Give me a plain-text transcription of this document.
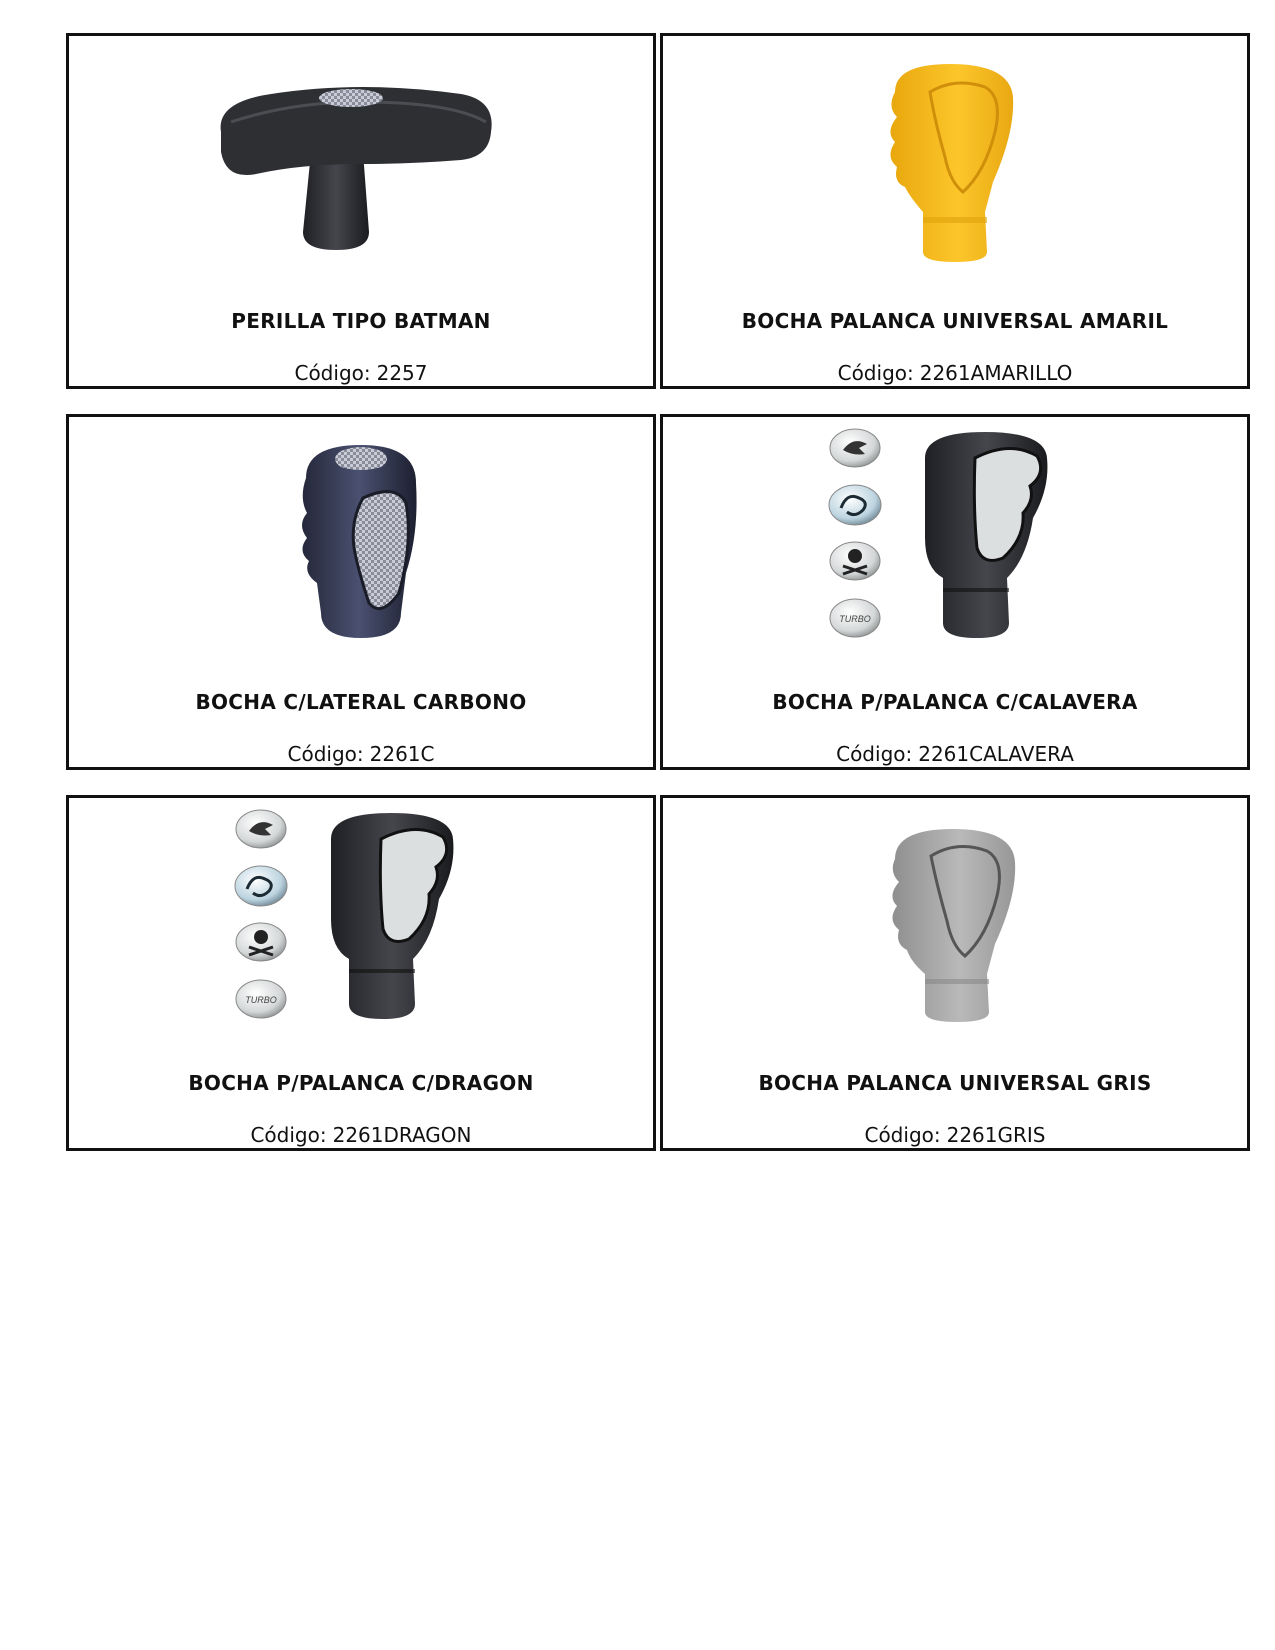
PERILLA TIPO BATMAN
Código: 2257
BOCHA PALANCA UNIVERSAL AMARIL
Código: 2261AMARILLO
BOCHA C/LATERAL CARBONO
Código: 2261C
TURBO
BOCHA P/PALANCA C/CALAVERA
Código: 2261CALAVERA
TURBO
BOCHA P/PALANCA C/DRAGON
Código: 2261DRAGON
BOCHA PALANCA UNIVERSAL GRIS
Código: 2261GRIS
